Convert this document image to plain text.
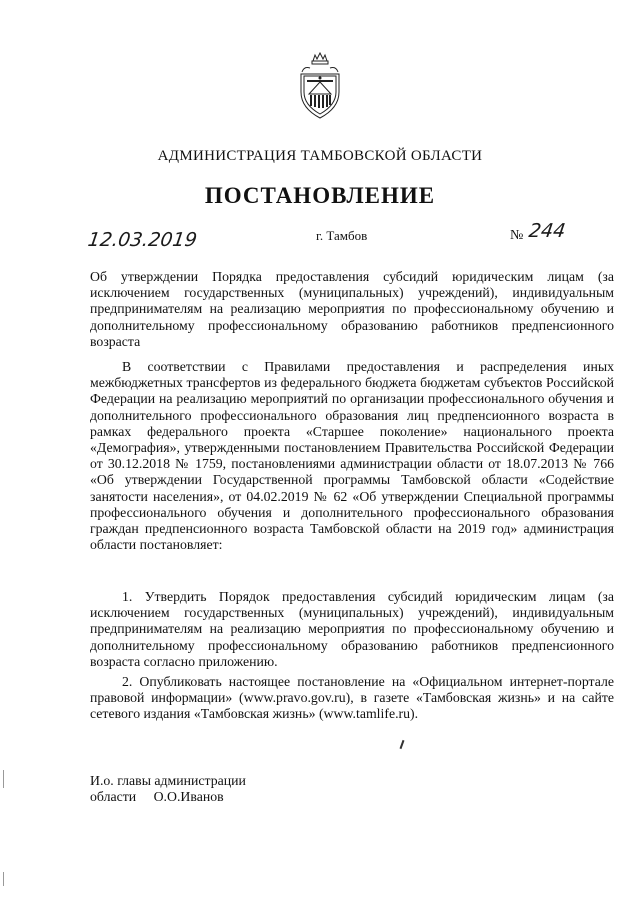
АДМИНИСТРАЦИЯ ТАМБОВСКОЙ ОБЛАСТИ
ПОСТАНОВЛЕНИЕ
12.03.2019	г. Тамбов	№ 244

Об утверждении Порядка предоставления субсидий юридическим лицам (за исключением государственных (муниципальных) учреждений), индивидуальным предпринимателям на реализацию мероприятия по профессиональному обучению и дополнительному профессиональному образованию работников предпенсионного возраста

В соответствии с Правилами предоставления и распределения иных межбюджетных трансфертов из федерального бюджета бюджетам субъектов Российской Федерации на реализацию мероприятий по организации профессионального обучения и дополнительного профессионального образования лиц предпенсионного возраста в рамках федерального проекта «Старшее поколение» национального проекта «Демография», утвержденными постановлением Правительства Российской Федерации от 30.12.2018 № 1759, постановлениями администрации области от 18.07.2013 № 766 «Об утверждении Государственной программы Тамбовской области «Содействие занятости населения», от 04.02.2019 № 62 «Об утверждении Специальной программы профессионального обучения и дополнительного профессионального образования граждан предпенсионного возраста Тамбовской области на 2019 год» администрация области постановляет:

1. Утвердить Порядок предоставления субсидий юридическим лицам (за исключением государственных (муниципальных) учреждений), индивидуальным предпринимателям на реализацию мероприятия по профессиональному обучению и дополнительному профессиональному образованию работников предпенсионного возраста согласно приложению.

2. Опубликовать настоящее постановление на «Официальном интернет-портале правовой информации» (www.pravo.gov.ru), в газете «Тамбовская жизнь» и на сайте сетевого издания «Тамбовская жизнь» (www.tamlife.ru).

И.о. главы администрации
области О.О.Иванов
